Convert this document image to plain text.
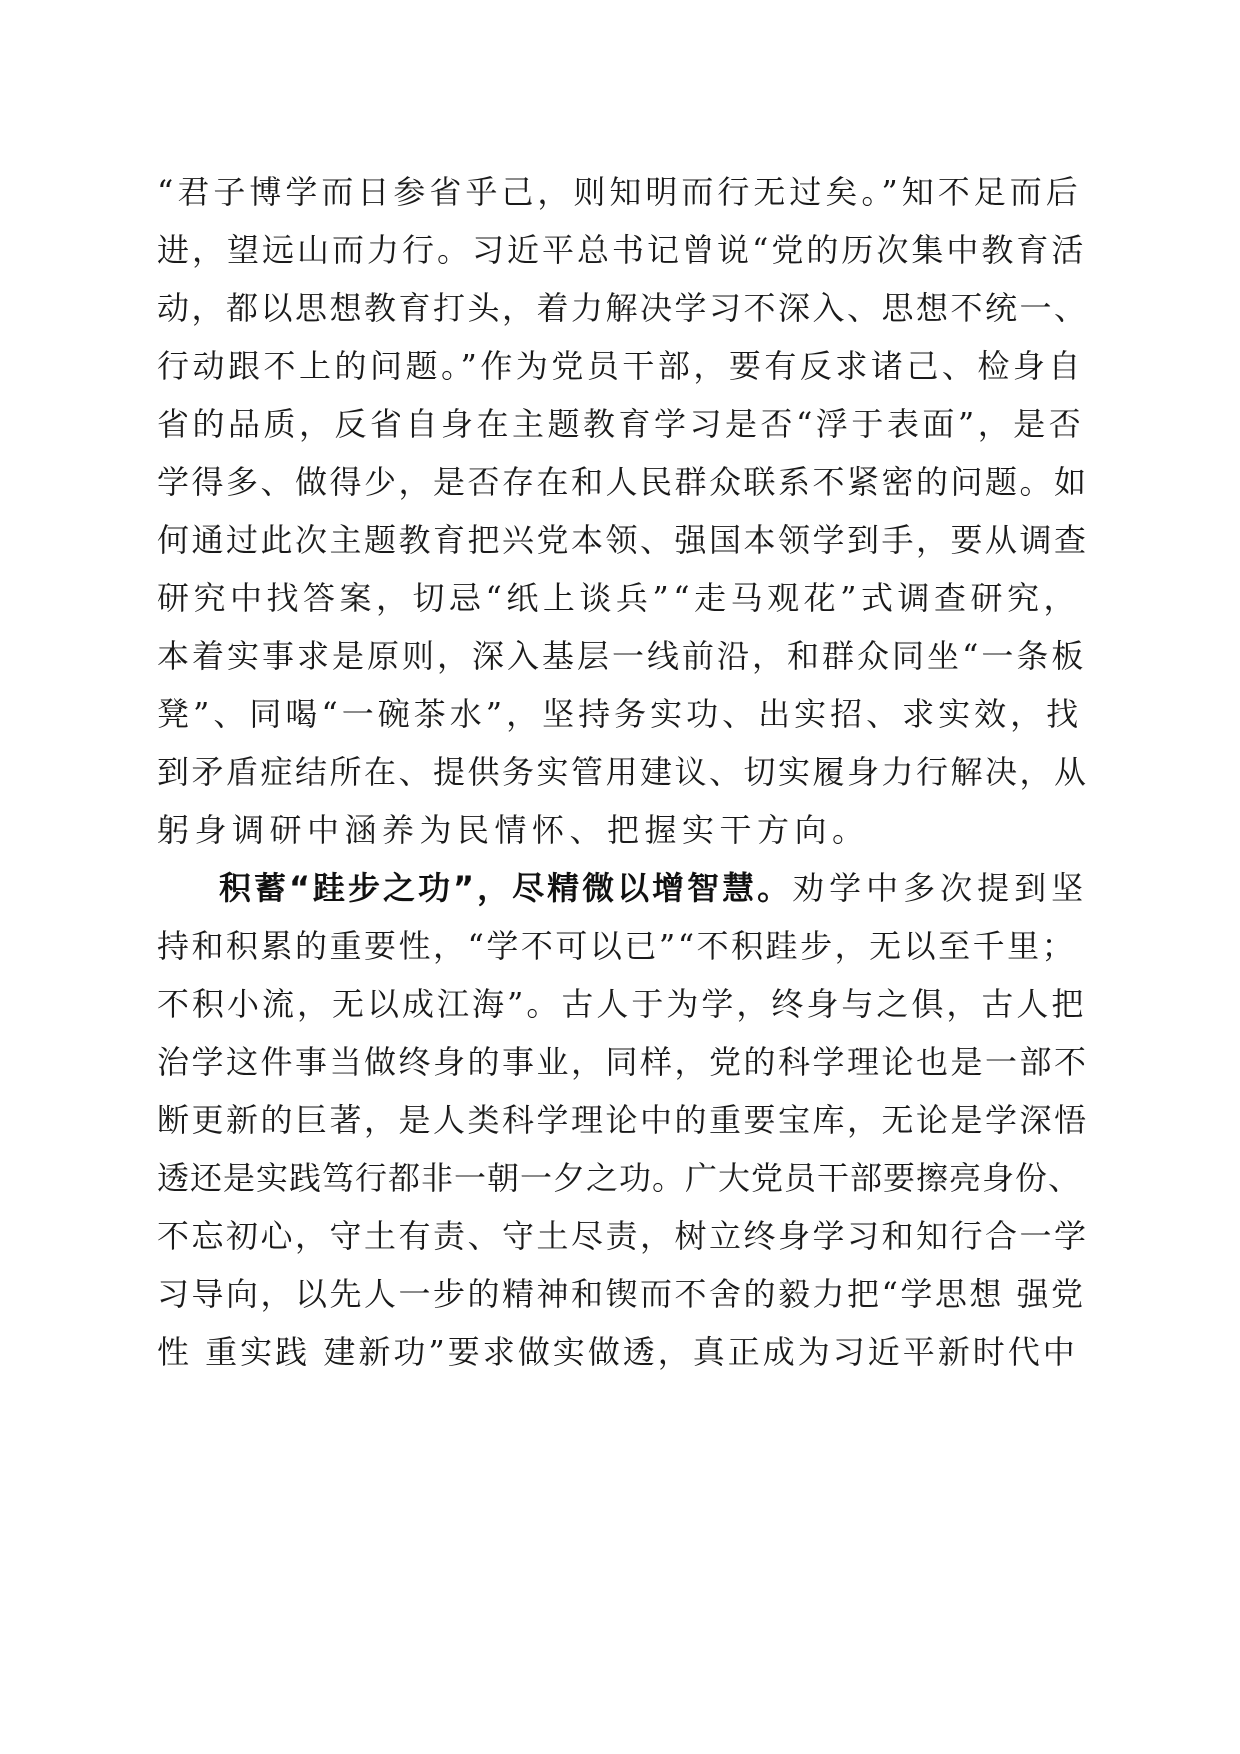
“君子博学而日参省乎己，则知明而行无过矣。”知不足而后

进，望远山而力行。习近平总书记曾说“党的历次集中教育活

动，都以思想教育打头，着力解决学习不深入、思想不统一、

行动跟不上的问题。”作为党员干部，要有反求诸己、检身自

省的品质，反省自身在主题教育学习是否“浮于表面”，是否

学得多、做得少，是否存在和人民群众联系不紧密的问题。如

何通过此次主题教育把兴党本领、强国本领学到手，要从调查

研究中找答案，切忌“纸上谈兵”“走马观花”式调查研究，

本着实事求是原则，深入基层一线前沿，和群众同坐“一条板

凳”、同喝“一碗茶水”，坚持务实功、出实招、求实效，找

到矛盾症结所在、提供务实管用建议、切实履身力行解决，从

躬身调研中涵养为民情怀、把握实干方向。

积蓄“跬步之功”，尽精微以增智慧。劝学中多次提到坚

持和积累的重要性，“学不可以已”“不积跬步，无以至千里；

不积小流，无以成江海”。古人于为学，终身与之俱，古人把

治学这件事当做终身的事业，同样，党的科学理论也是一部不

断更新的巨著，是人类科学理论中的重要宝库，无论是学深悟

透还是实践笃行都非一朝一夕之功。广大党员干部要擦亮身份、

不忘初心，守土有责、守土尽责，树立终身学习和知行合一学

习导向，以先人一步的精神和锲而不舍的毅力把“学思想 强党

性 重实践 建新功”要求做实做透，真正成为习近平新时代中
